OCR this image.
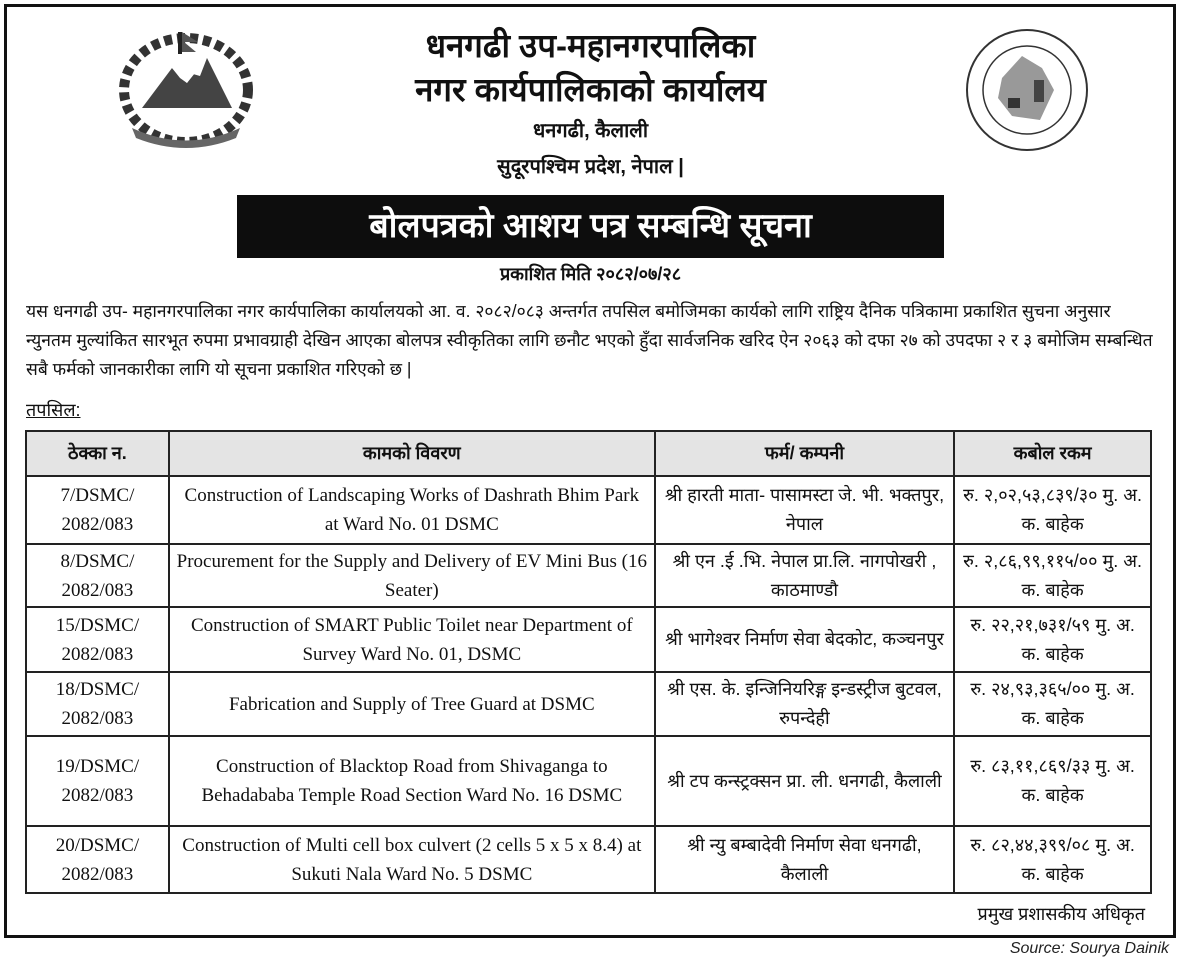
धनगढी उप-महानगरपालिका
नगर कार्यपालिकाको कार्यालय
धनगढी, कैलाली
सुदूरपश्चिम प्रदेश, नेपाल |
बोलपत्रको आशय पत्र सम्बन्धि सूचना
प्रकाशित मिति २०८२/०७/२८
यस धनगढी उप- महानगरपालिका नगर कार्यपालिका कार्यालयको आ. व. २०८२/०८३ अन्तर्गत तपसिल बमोजिमका कार्यको लागि राष्ट्रिय दैनिक पत्रिकामा प्रकाशित सुचना अनुसार न्युनतम मुल्यांकित सारभूत रुपमा प्रभावग्राही देखिन आएका बोलपत्र स्वीकृतिका लागि छनौट भएको हुँदा सार्वजनिक खरिद ऐन २०६३ को दफा २७ को उपदफा २ र ३ बमोजिम सम्बन्धित सबै फर्मको जानकारीका लागि यो सूचना प्रकाशित गरिएको छ |
तपसिल:
ठेक्का न.	कामको विवरण	फर्म/ कम्पनी	कबोल रकम
7/DSMC/ 2082/083	Construction of Landscaping Works of Dashrath Bhim Park at Ward No. 01 DSMC	श्री हारती माता- पासामस्टा जे. भी. भक्तपुर, नेपाल	रु. २,०२,५३,८३९/३० मु. अ. क. बाहेक
8/DSMC/ 2082/083	Procurement for the Supply and Delivery of EV Mini Bus (16 Seater)	श्री एन .ई .भि. नेपाल प्रा.लि. नागपोखरी , काठमाण्डौ	रु. २,८६,९९,११५/०० मु. अ. क. बाहेक
15/DSMC/ 2082/083	Construction of SMART Public Toilet near Department of Survey Ward No. 01, DSMC	श्री भागेश्वर निर्माण सेवा बेदकोट, कञ्चनपुर	रु. २२,२१,७३१/५९ मु. अ. क. बाहेक
18/DSMC/ 2082/083	Fabrication and Supply of Tree Guard at DSMC	श्री एस. के. इन्जिनियरिङ्ग इन्डस्ट्रीज बुटवल, रुपन्देही	रु. २४,९३,३६५/०० मु. अ. क. बाहेक
19/DSMC/ 2082/083	Construction of Blacktop Road from Shivaganga to Behadababa Temple Road Section Ward No. 16 DSMC	श्री टप कन्स्ट्रक्सन प्रा. ली. धनगढी, कैलाली	रु. ८३,११,८६९/३३ मु. अ. क. बाहेक
20/DSMC/ 2082/083	Construction of Multi cell box culvert (2 cells 5 x 5 x 8.4) at Sukuti Nala Ward No. 5 DSMC	श्री न्यु बम्बादेवी निर्माण सेवा धनगढी, कैलाली	रु. ८२,४४,३९९/०८ मु. अ. क. बाहेक
प्रमुख प्रशासकीय अधिकृत
Source: Sourya Dainik
